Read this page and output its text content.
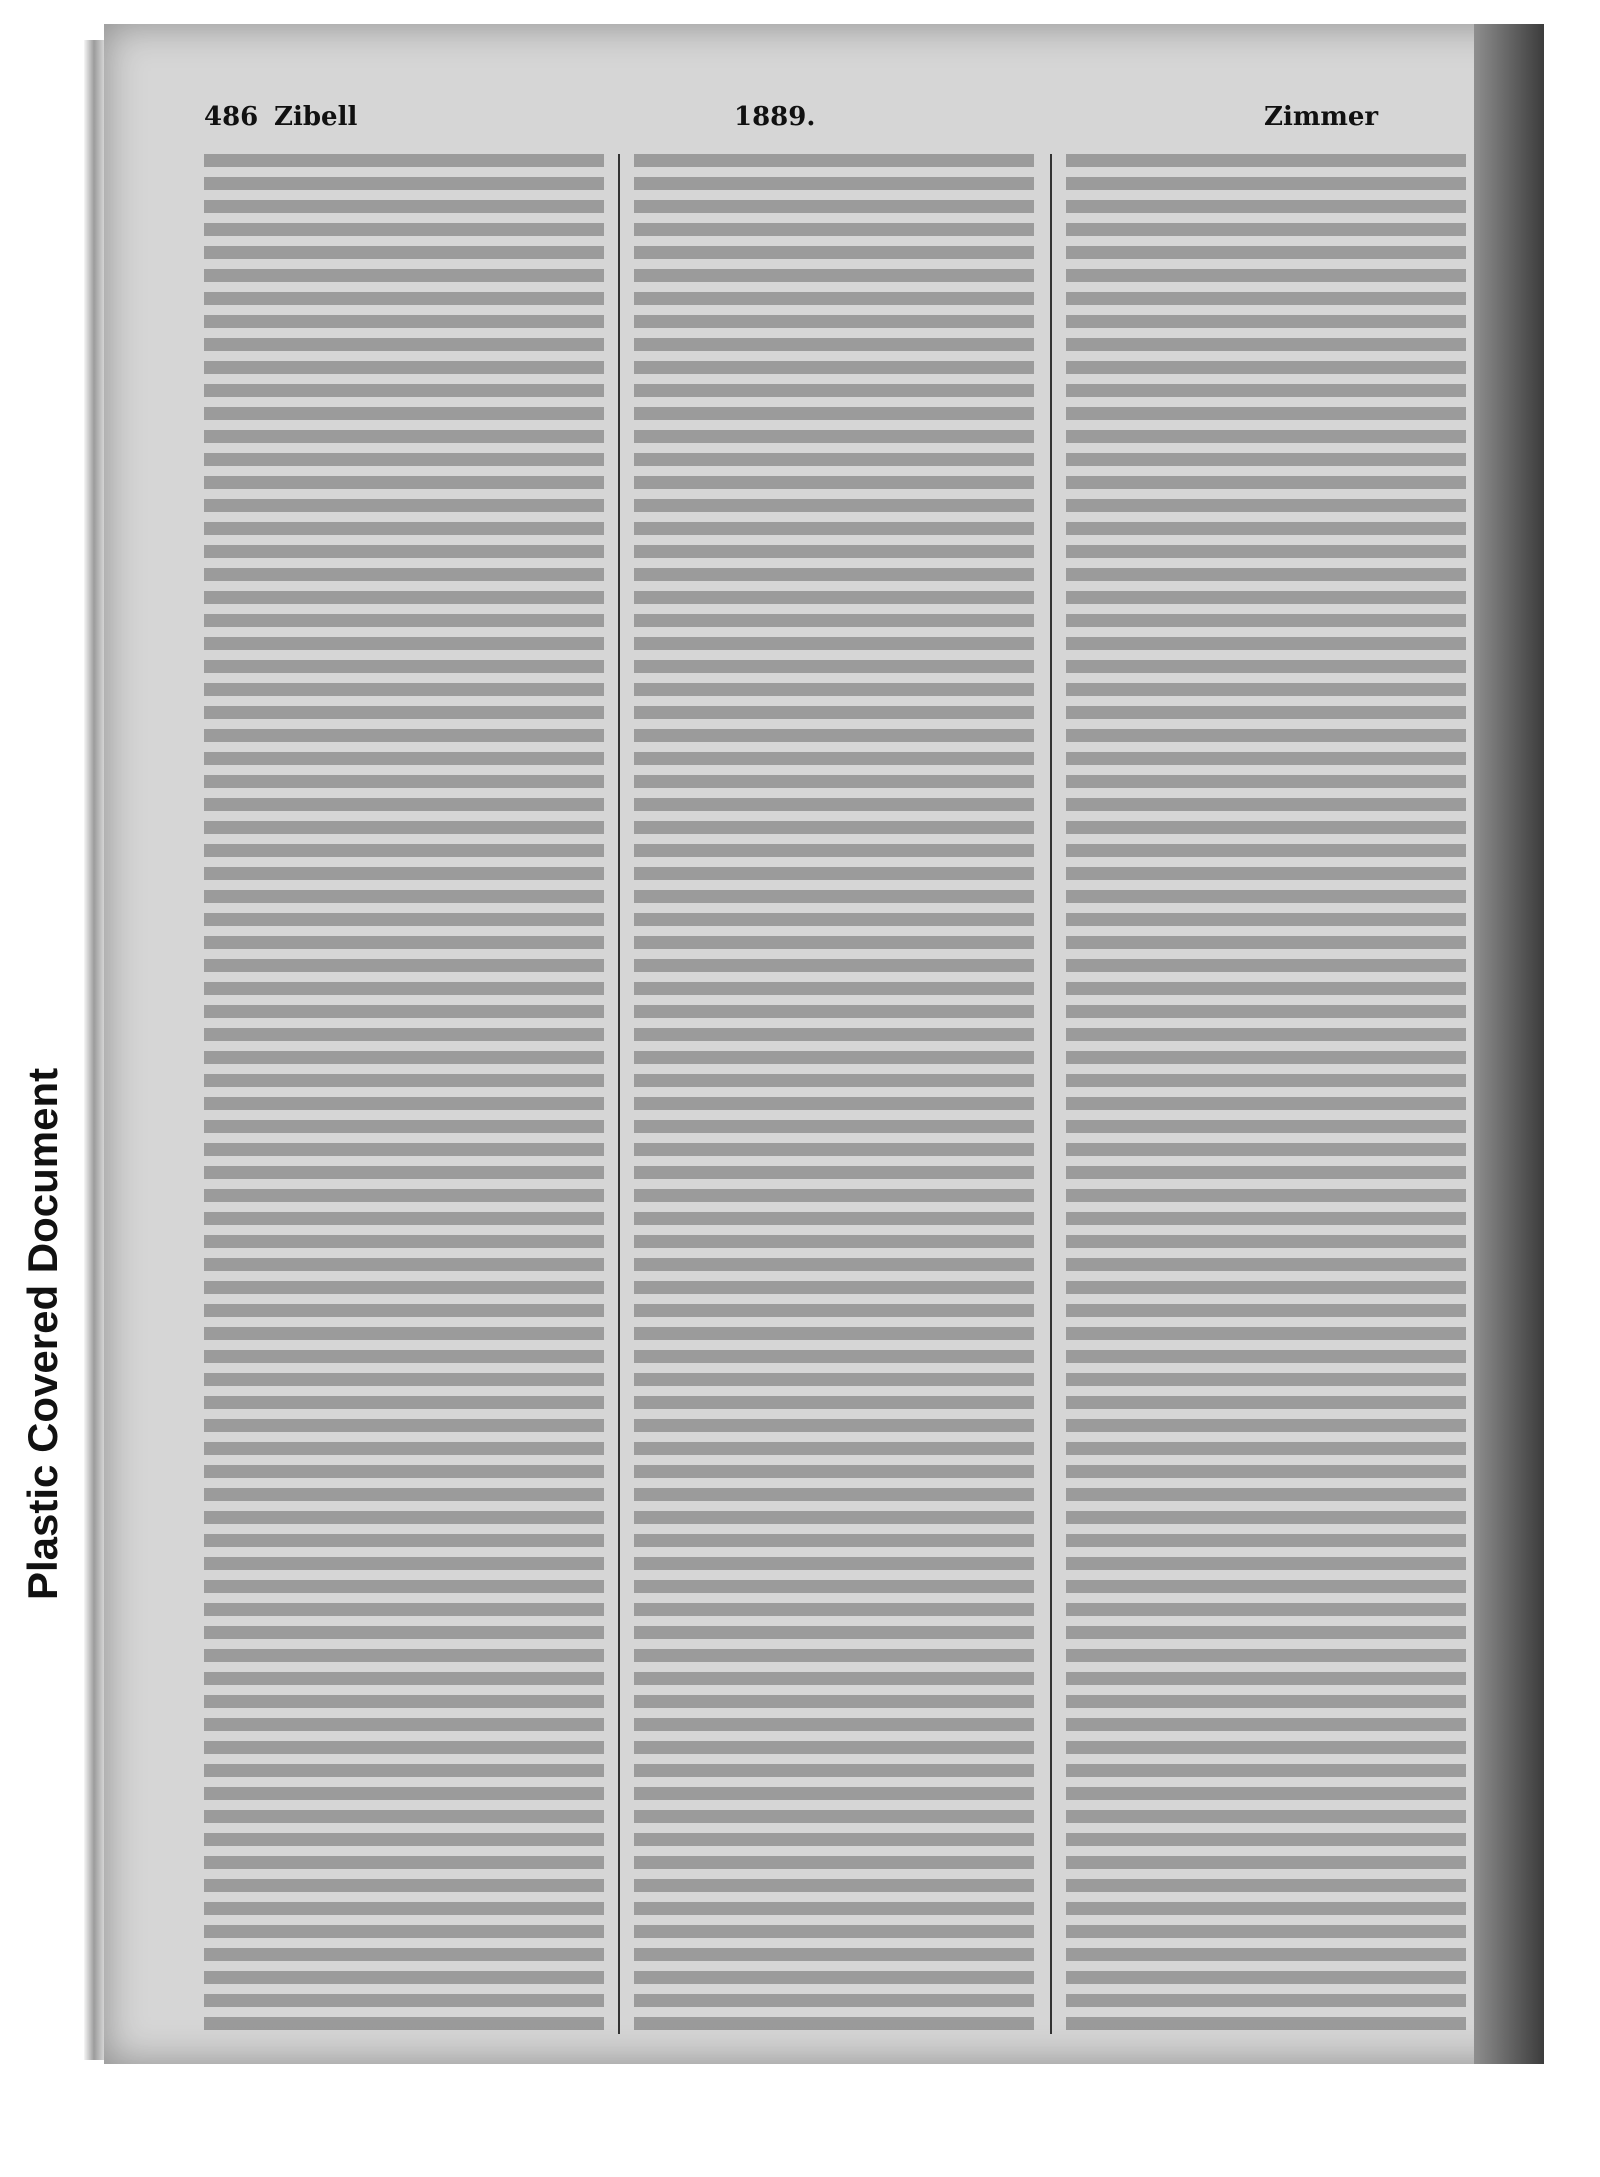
Plastic Covered Document
486 Zibell	1889.	Zimmer
